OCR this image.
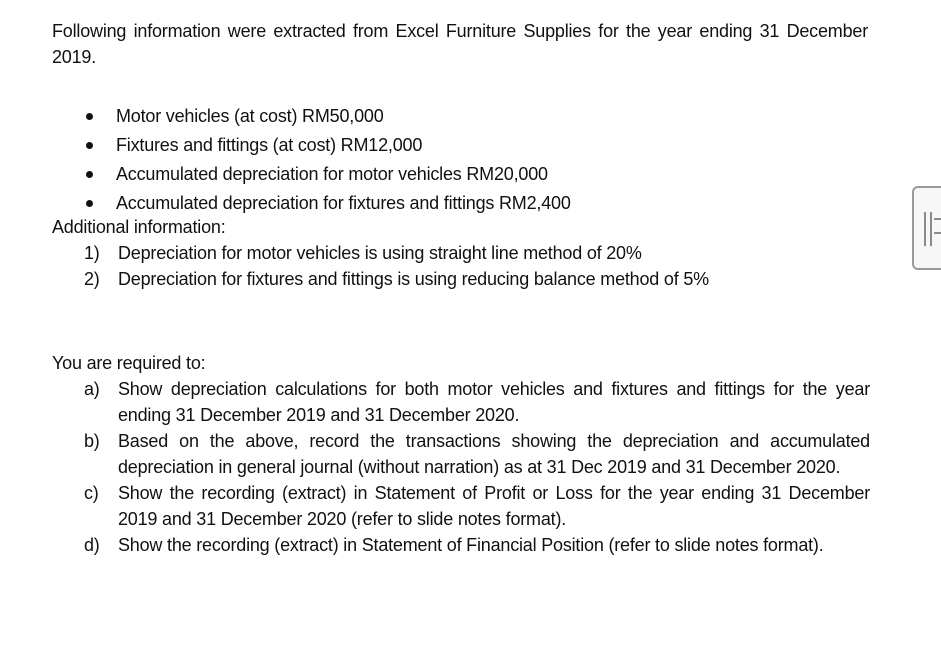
Following information were extracted from Excel Furniture Supplies for the year ending 31 December 2019.

Motor vehicles (at cost) RM50,000
Fixtures and fittings (at cost) RM12,000
Accumulated depreciation for motor vehicles RM20,000
Accumulated depreciation for fixtures and fittings RM2,400

Additional information:

1) Depreciation for motor vehicles is using straight line method of 20%
2) Depreciation for fixtures and fittings is using reducing balance method of 5%

You are required to:

a) Show depreciation calculations for both motor vehicles and fixtures and fittings for the year ending 31 December 2019 and 31 December 2020.
b) Based on the above, record the transactions showing the depreciation and accumulated depreciation in general journal (without narration) as at 31 Dec 2019 and 31 December 2020.
c) Show the recording (extract) in Statement of Profit or Loss for the year ending 31 December 2019 and 31 December 2020 (refer to slide notes format).
d) Show the recording (extract) in Statement of Financial Position (refer to slide notes format).
